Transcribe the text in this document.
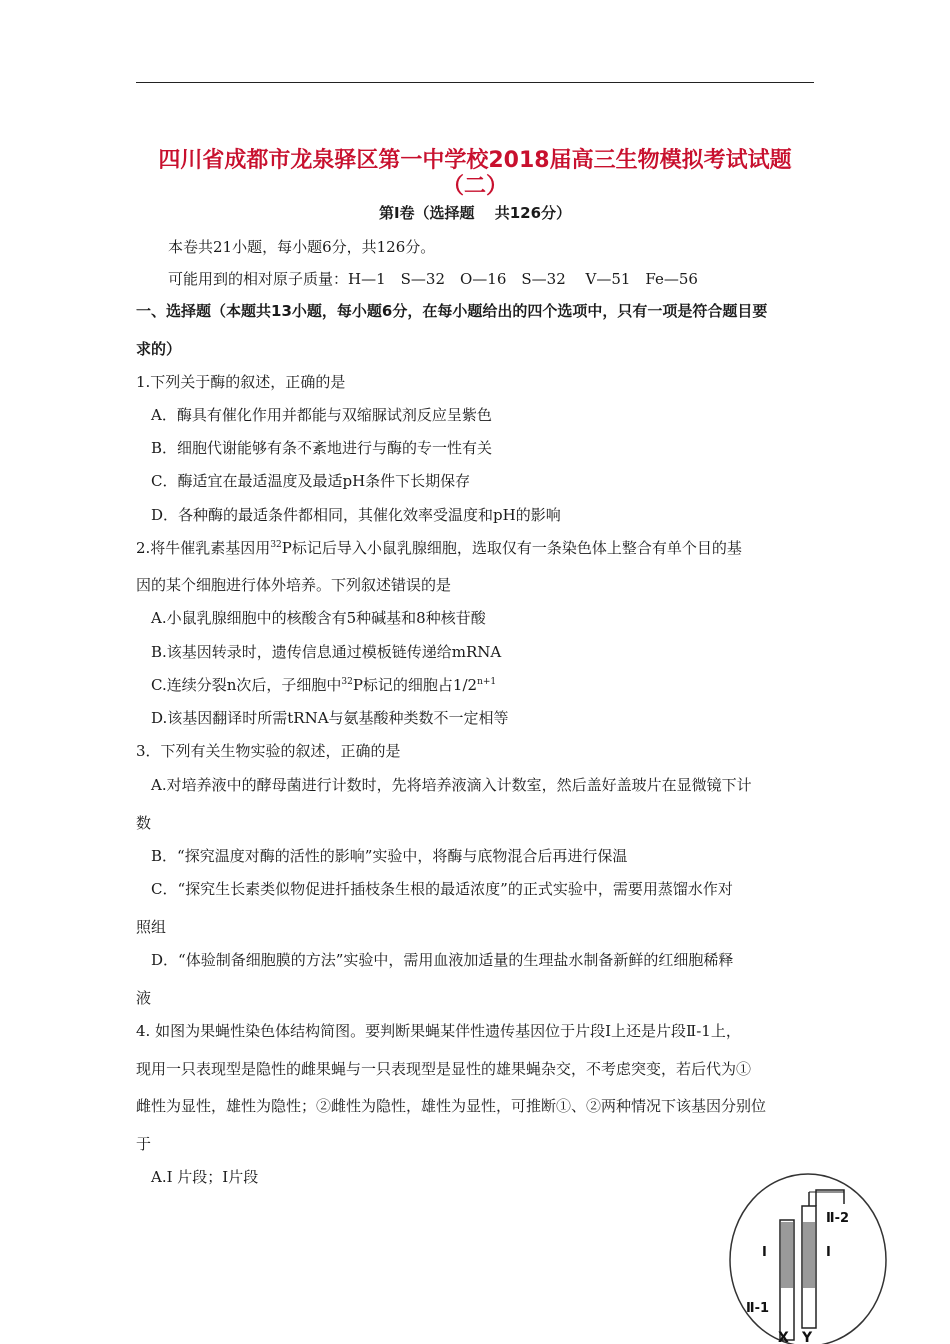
四川省成都市龙泉驿区第一中学校2018届高三生物模拟考试试题
（二）
第Ⅰ卷（选择题　 共126分）
本卷共21小题，每小题6分，共126分。
可能用到的相对原子质量：H—1　S—32　O—16　S—32　 V—51　Fe—56
一、选择题（本题共13小题，每小题6分，在每小题给出的四个选项中，只有一项是符合题目要
求的）
1.下列关于酶的叙述，正确的是
A．酶具有催化作用并都能与双缩脲试剂反应呈紫色
B．细胞代谢能够有条不紊地进行与酶的专一性有关
C．酶适宜在最适温度及最适pH条件下长期保存
D．各种酶的最适条件都相同，其催化效率受温度和pH的影响
2.将牛催乳素基因用$^{32}$P标记后导入小鼠乳腺细胞，选取仅有一条染色体上整合有单个目的基
因的某个细胞进行体外培养。下列叙述错误的是
A.小鼠乳腺细胞中的核酸含有5种碱基和8种核苷酸
B.该基因转录时，遗传信息通过模板链传递给mRNA
C.连续分裂n次后，子细胞中$^{32}$P标记的细胞占$1/2^{n+1}$
D.该基因翻译时所需tRNA与氨基酸种类数不一定相等
3．下列有关生物实验的叙述，正确的是
A.对培养液中的酵母菌进行计数时，先将培养液滴入计数室，然后盖好盖玻片在显微镜下计
数
B．“探究温度对酶的活性的影响”实验中，将酶与底物混合后再进行保温
C．“探究生长素类似物促进扦插枝条生根的最适浓度”的正式实验中，需要用蒸馏水作对
照组
D．“体验制备细胞膜的方法”实验中，需用血液加适量的生理盐水制备新鲜的红细胞稀释
液
4. 如图为果蝇性染色体结构简图。要判断果蝇某伴性遗传基因位于片段Ⅰ上还是片段Ⅱ-1上，
现用一只表现型是隐性的雌果蝇与一只表现型是显性的雄果蝇杂交，不考虑突变，若后代为①
雌性为显性，雄性为隐性；②雌性为隐性，雄性为显性，可推断①、②两种情况下该基因分别位
于
A.Ⅰ 片段；Ⅰ片段
Ⅱ-2
Ⅰ	Ⅰ
Ⅱ-1
X Y
